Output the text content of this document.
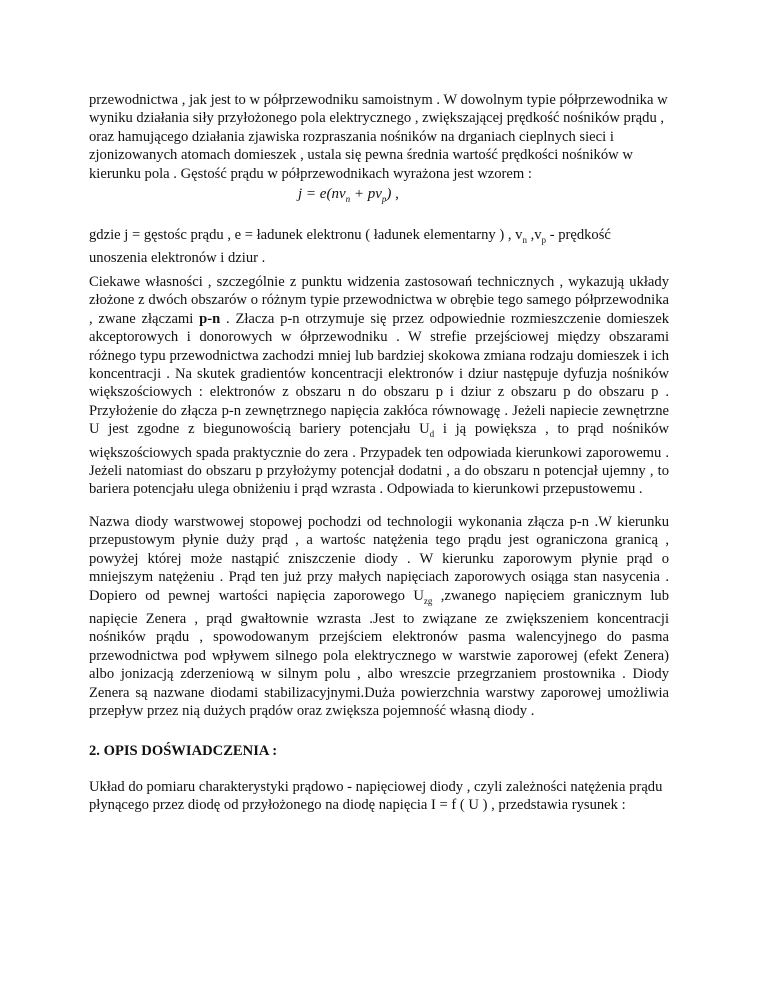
przewodnictwa , jak jest to w półprzewodniku samoistnym . W dowolnym typie półprzewodnika w wyniku działania siły przyłożonego pola elektrycznego , zwiększającej prędkość nośników prądu , oraz hamującego działania zjawiska rozpraszania nośników na drganiach cieplnych sieci i zjonizowanych atomach domieszek , ustala się pewna średnia wartość prędkości nośników w kierunku pola . Gęstość prądu w półprzewodnikach wyrażona jest wzorem :

$j = e(nv_n + pv_p)$ ,

gdzie j = gęstośc prądu , e = ładunek elektronu ( ładunek elementarny ) , $v_n$ $,v_p$ - prędkość unoszenia elektronów i dziur .

Ciekawe własności , szczególnie z punktu widzenia zastosowań technicznych , wykazują układy złożone z dwóch obszarów o różnym typie przewodnictwa w obrębie tego samego półprzewodnika , zwane złączami p-n . Złacza p-n otrzymuje się przez odpowiednie rozmieszczenie domieszek akceptorowych i donorowych w ółprzewodniku . W strefie przejściowej między obszarami różnego typu przewodnictwa zachodzi mniej lub bardziej skokowa zmiana rodzaju domieszek i ich koncentracji . Na skutek gradientów koncentracji elektronów i dziur następuje dyfuzja nośników większościowych : elektronów z obszaru n do obszaru p i dziur z obszaru p do obszaru p . Przyłożenie do złącza p-n zewnętrznego napięcia zakłóca równowagę . Jeżeli napiecie zewnętrzne U jest zgodne z biegunowością bariery potencjału $U_d$ i ją powiększa , to prąd nośników większościowych spada praktycznie do zera . Przypadek ten odpowiada kierunkowi zaporowemu . Jeżeli natomiast do obszaru p przyłożymy potencjał dodatni , a do obszaru n potencjał ujemny , to bariera potencjału ulega obniżeniu i prąd wzrasta . Odpowiada to kierunkowi przepustowemu .

Nazwa diody warstwowej stopowej pochodzi od technologii wykonania złącza p-n .W kierunku przepustowym płynie duży prąd , a wartośc natężenia tego prądu jest ograniczona granicą , powyżej której może nastąpić zniszczenie diody . W kierunku zaporowym płynie prąd o mniejszym natężeniu . Prąd ten już przy małych napięciach zaporowych osiąga stan nasycenia . Dopiero od pewnej wartości napięcia zaporowego $U_{zg}$ ,zwanego napięciem granicznym lub napięcie Zenera , prąd gwałtownie wzrasta .Jest to związane ze zwiększeniem koncentracji nośników prądu , spowodowanym przejściem elektronów pasma walencyjnego do pasma przewodnictwa pod wpływem silnego pola elektrycznego w warstwie zaporowej (efekt Zenera) albo jonizacją zderzeniową w silnym polu , albo wreszcie przegrzaniem prostownika . Diody Zenera są nazwane diodami stabilizacyjnymi.Duża powierzchnia warstwy zaporowej umożliwia przepływ przez nią dużych prądów oraz zwiększa pojemność własną diody .

2. OPIS DOŚWIADCZENIA :

Układ do pomiaru charakterystyki prądowo - napięciowej diody , czyli zależności natężenia prądu płynącego przez diodę od przyłożonego na diodę napięcia I = f ( U ) , przedstawia rysunek :
